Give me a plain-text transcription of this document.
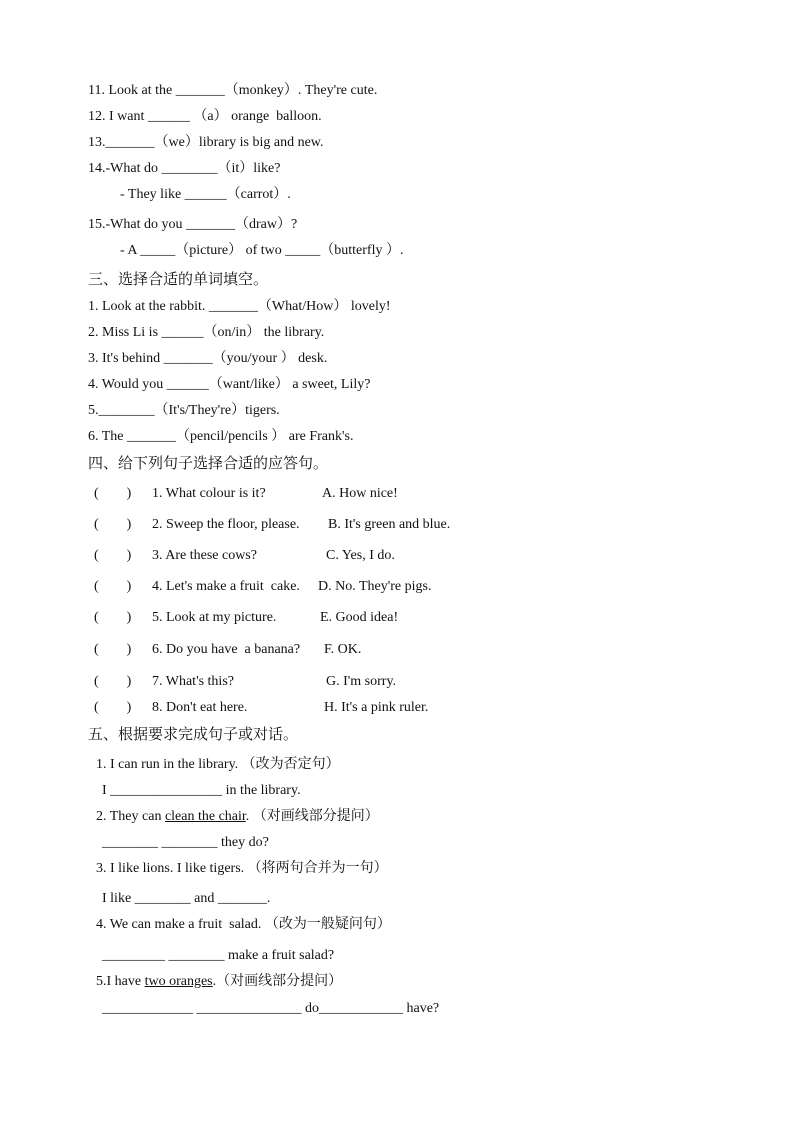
11. Look at the _______（monkey）. They're cute.
12. I want ______ （a） orange  balloon.
13._______（we）library is big and new.
14.-What do ________（it）like?
- They like ______（carrot）.
15.-What do you _______（draw）?
- A _____（picture） of two _____（butterfly ）.
三、选择合适的单词填空。
1. Look at the rabbit. _______（What/How） lovely!
2. Miss Li is ______（on/in） the library.
3. It's behind _______（you/your ） desk.
4. Would you ______（want/like） a sweet, Lily?
5.________（It's/They're）tigers.
6. The _______（pencil/pencils ） are Frank's.
四、给下列句子选择合适的应答句。
(        ) 1. What colour is it?	A. How nice!
(        ) 2. Sweep the floor, please. B. It's green and blue.
(        ) 3. Are these cows?	C. Yes, I do.
(        ) 4. Let's make a fruit  cake. D. No. They're pigs.
(        ) 5. Look at my picture.	E. Good idea!
(        ) 6. Do you have  a banana? F. OK.
(        ) 7. What's this?	G. I'm sorry.
(        ) 8. Don't eat here.	H. It's a pink ruler.
五、根据要求完成句子或对话。
1. I can run in the library. （改为否定句）
I ________________ in the library.
2. They can clean the chair. （对画线部分提问）
________ ________ they do?
3. I like lions. I like tigers. （将两句合并为一句）
I like ________ and _______.
4. We can make a fruit  salad. （改为一般疑问句）
_________ ________ make a fruit salad?
5.I have two oranges.（对画线部分提问）
_____________ _______________ do____________ have?
